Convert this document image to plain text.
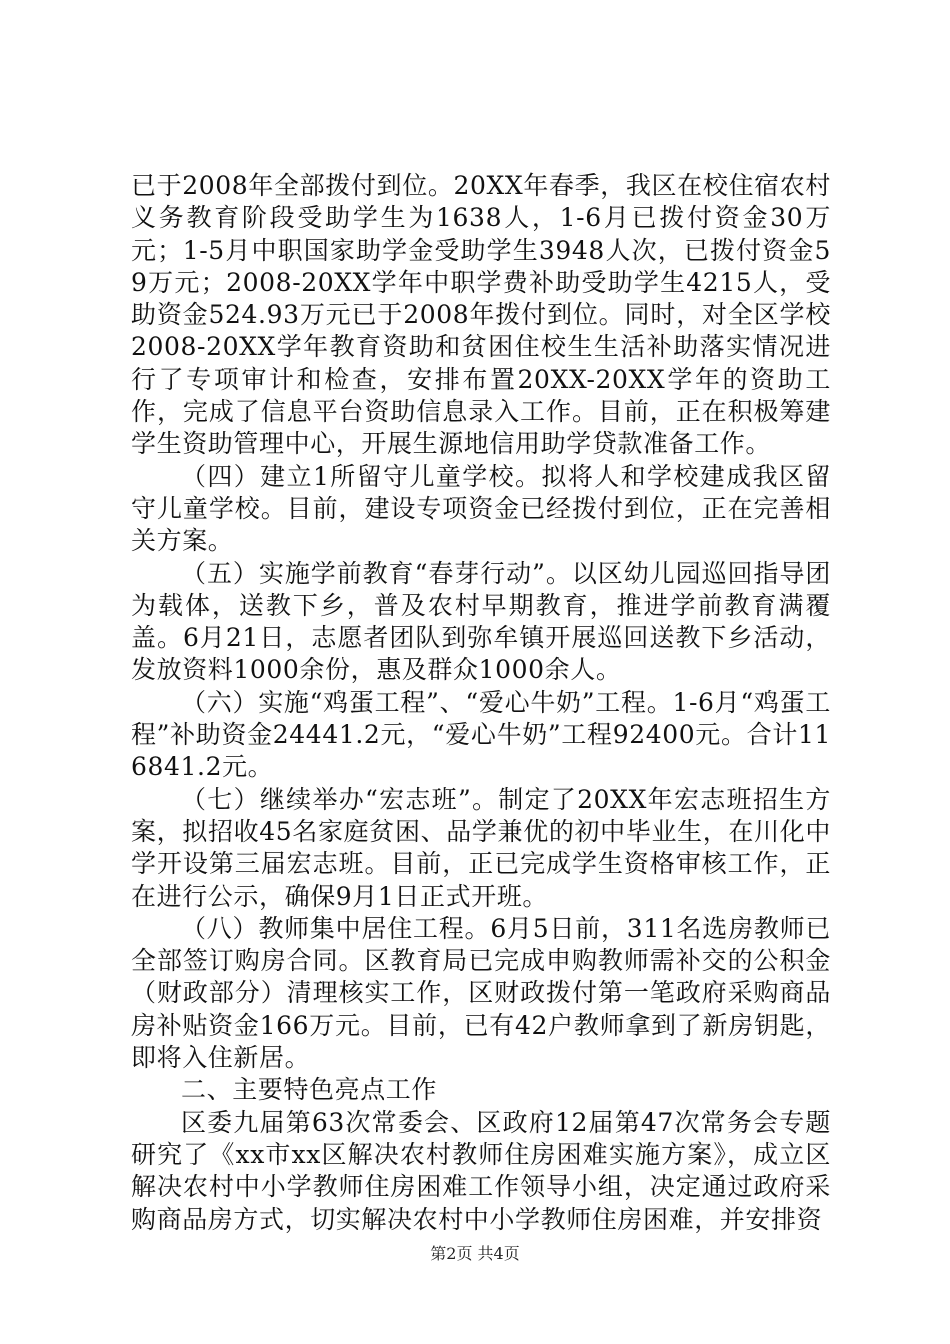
已于2008年全部拨付到位。20XX年春季，我区在校住宿农村义务教育阶段受助学生为1638人，1-6月已拨付资金30万元；1-5月中职国家助学金受助学生3948人次，已拨付资金59万元；2008-20XX学年中职学费补助受助学生4215人，受助资金524.93万元已于2008年拨付到位。同时，对全区学校2008-20XX学年教育资助和贫困住校生生活补助落实情况进行了专项审计和检查，安排布置20XX-20XX学年的资助工作，完成了信息平台资助信息录入工作。目前，正在积极筹建学生资助管理中心，开展生源地信用助学贷款准备工作。

（四）建立1所留守儿童学校。拟将人和学校建成我区留守儿童学校。目前，建设专项资金已经拨付到位，正在完善相关方案。

（五）实施学前教育“春芽行动”。以区幼儿园巡回指导团为载体，送教下乡，普及农村早期教育，推进学前教育满覆盖。6月21日，志愿者团队到弥牟镇开展巡回送教下乡活动，发放资料1000余份，惠及群众1000余人。

（六）实施“鸡蛋工程”、“爱心牛奶”工程。1-6月“鸡蛋工程”补助资金24441.2元，“爱心牛奶”工程92400元。合计116841.2元。

（七）继续举办“宏志班”。制定了20XX年宏志班招生方案，拟招收45名家庭贫困、品学兼优的初中毕业生，在川化中学开设第三届宏志班。目前，正已完成学生资格审核工作，正在进行公示，确保9月1日正式开班。

（八）教师集中居住工程。6月5日前，311名选房教师已全部签订购房合同。区教育局已完成申购教师需补交的公积金（财政部分）清理核实工作，区财政拨付第一笔政府采购商品房补贴资金166万元。目前，已有42户教师拿到了新房钥匙，即将入住新居。

二、主要特色亮点工作

区委九届第63次常委会、区政府12届第47次常务会专题研究了《xx市xx区解决农村教师住房困难实施方案》，成立区解决农村中小学教师住房困难工作领导小组，决定通过政府采购商品房方式，切实解决农村中小学教师住房困难，并安排资

第2页 共4页
